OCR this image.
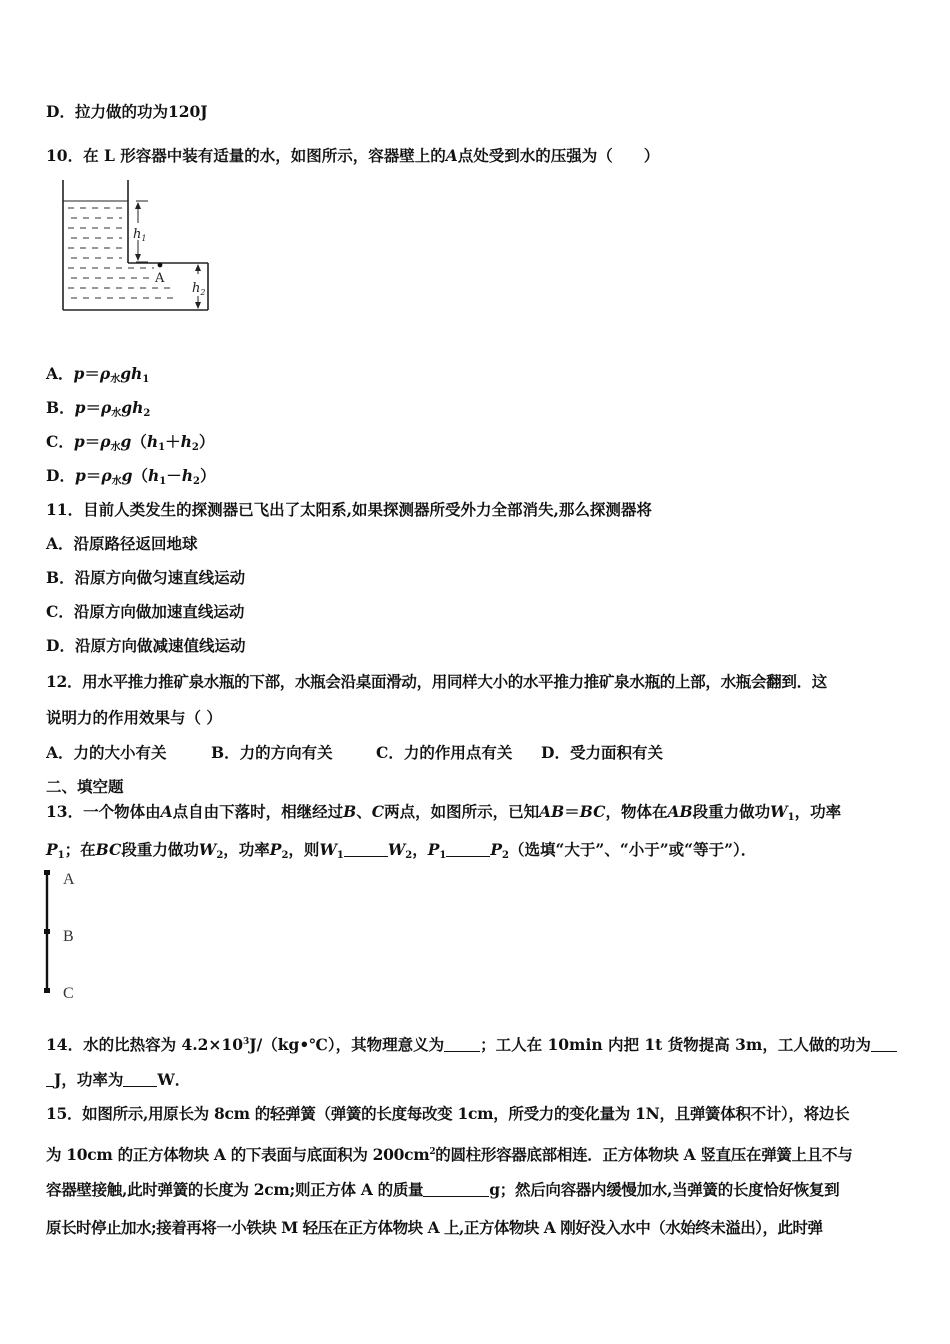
D．拉力做的功为120J
10．在 L 形容器中装有适量的水，如图所示，容器壁上的A点处受到水的压强为（　　）
$h_1$
$h_2$
A
A．$p=\rho_水gh_1$
B．$p=\rho_水gh_2$
C．$p=\rho_水g(h_1+h_2)$
D．$p=\rho_水g(h_1-h_2)$
11．目前人类发生的探测器已飞出了太阳系,如果探测器所受外力全部消失,那么探测器将
A．沿原路径返回地球
B．沿原方向做匀速直线运动
C．沿原方向做加速直线运动
D．沿原方向做减速值线运动
12．用水平推力推矿泉水瓶的下部，水瓶会沿桌面滑动，用同样大小的水平推力推矿泉水瓶的上部，水瓶会翻到．这
说明力的作用效果与（ ）
A．力的大小有关	B．力的方向有关	C．力的作用点有关 D．受力面积有关
二、填空题
13．一个物体由A点自由下落时，相继经过B、C两点，如图所示，已知AB＝BC，物体在AB段重力做功$W_1$，功率
$P_1$；在BC段重力做功$W_2$，功率$P_2$，则$W_1$	$W_2$，$P_1$	$P_2$（选填“大于”、“小于”或“等于”）．
A
B
C
14．水的比热容为 $4.2\times 10^3J/(kg•℃)$，其物理意义为 ；工人在 10min 内把 1t 货物提高 3m，工人做的功为
J，功率为 W．
15．如图所示,用原长为 8cm 的轻弹簧（弹簧的长度每改变 1cm，所受力的变化量为 1N，且弹簧体积不计），将边长
为 10cm 的正方体物块 A 的下表面与底面积为 $200cm^2$的圆柱形容器底部相连．正方体物块 A 竖直压在弹簧上且不与
容器壁接触,此时弹簧的长度为 2cm;则正方体 A 的质量	g；然后向容器内缓慢加水,当弹簧的长度恰好恢复到
原长时停止加水;接着再将一小铁块 M 轻压在正方体物块 A 上,正方体物块 A 刚好没入水中（水始终未溢出），此时弹
